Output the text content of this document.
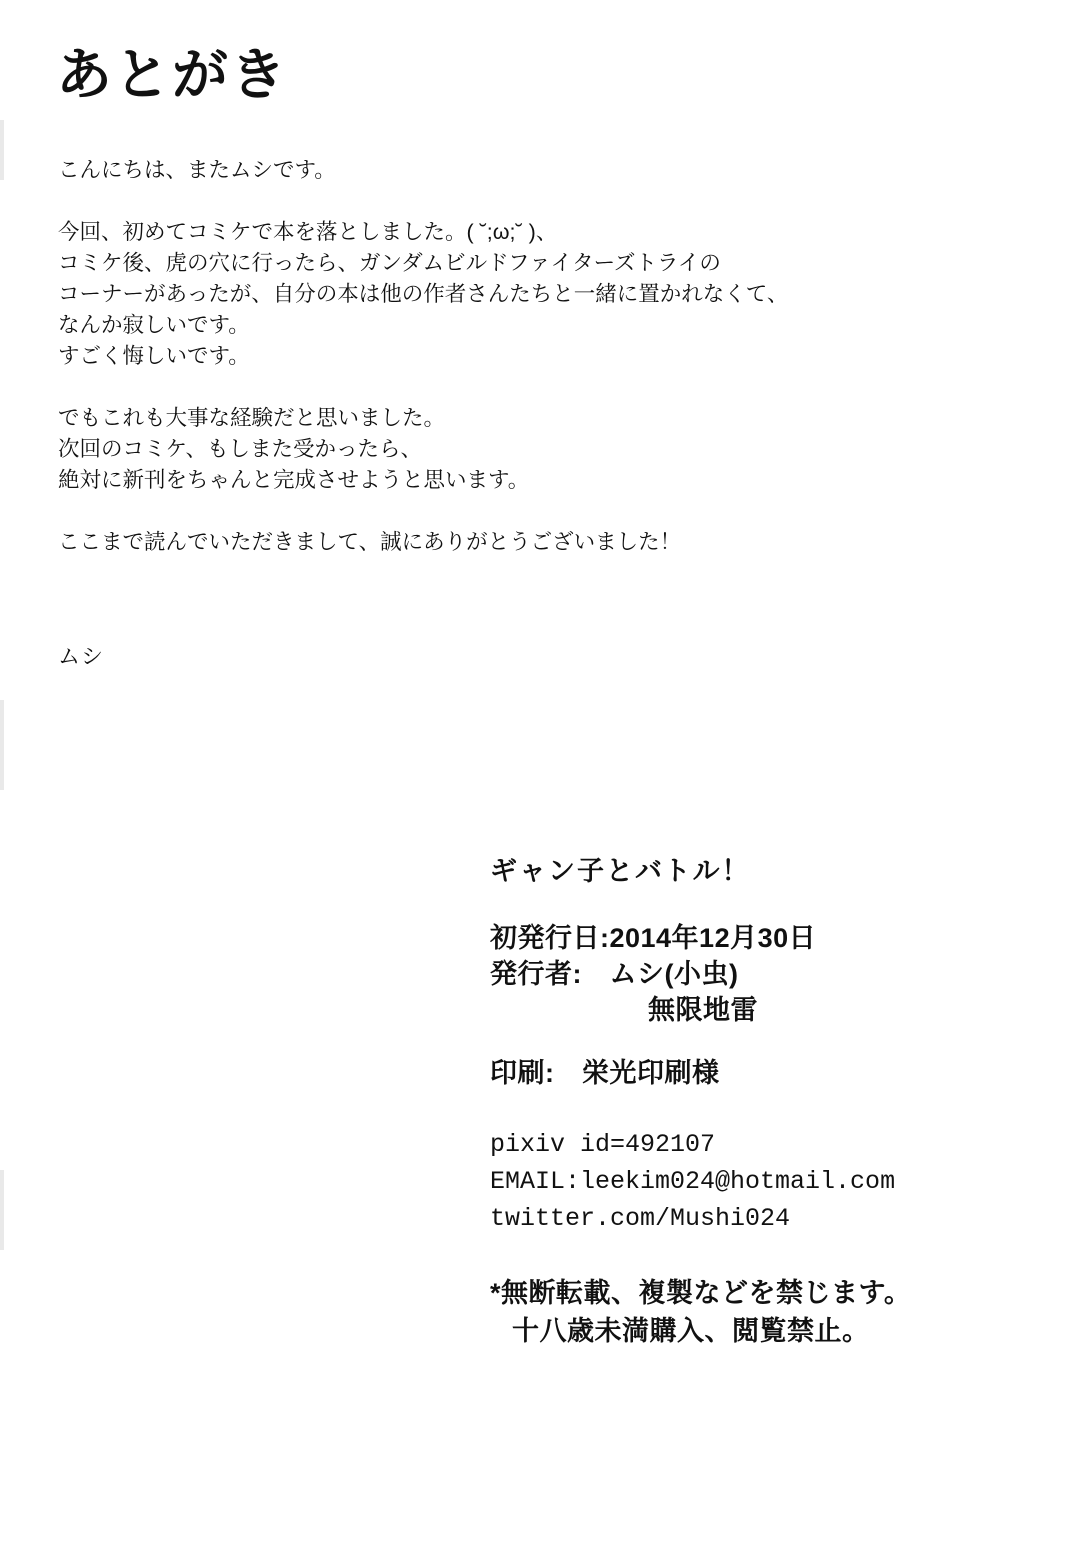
あとがき

こんにちは、またムシです。

今回、初めてコミケで本を落としました。( ˘;ω;˘ )、

コミケ後、虎の穴に行ったら、ガンダムビルドファイターズトライの

コーナーがあったが、自分の本は他の作者さんたちと一緒に置かれなくて、

なんか寂しいです。

すごく悔しいです。

でもこれも大事な経験だと思いました。

次回のコミケ、もしまた受かったら、

絶対に新刊をちゃんと完成させようと思います。

ここまで読んでいただきまして、誠にありがとうございました！

ムシ
ギャン子とバトル！
初発行日:2014年12月30日
発行者:　ムシ(小虫)
無限地雷
印刷:　栄光印刷様
pixiv id=492107
EMAIL:leekim024@hotmail.com
twitter.com/Mushi024
*無断転載、複製などを禁じます。
十八歳未満購入、閲覧禁止。
